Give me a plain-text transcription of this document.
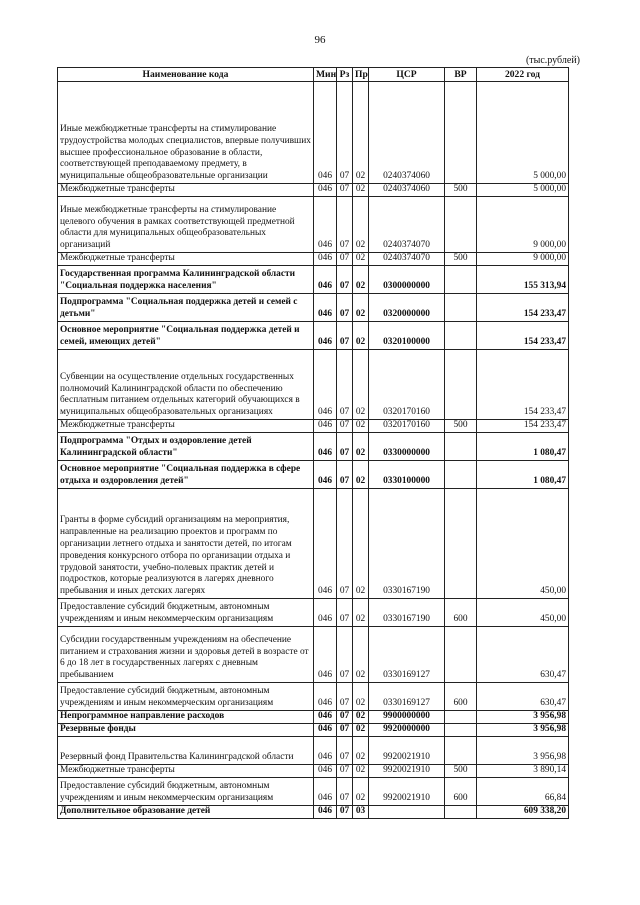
96
(тыс.рублей)
Наименование кода	Мин	Рз	Пр	ЦСР	ВР	2022 год
Иные межбюджетные трансферты на стимулирование трудоустройства молодых специалистов, впервые получивших высшее профессиональное образование в области, соответствующей преподаваемому предмету, в муниципальные общеобразовательные организации	046	07	02	0240374060		5 000,00
Межбюджетные трансферты	046	07	02	0240374060	500	5 000,00
Иные межбюджетные трансферты на стимулирование целевого обучения в рамках соответствующей предметной области для муниципальных общеобразовательных организаций	046	07	02	0240374070		9 000,00
Межбюджетные трансферты	046	07	02	0240374070	500	9 000,00
Государственная программа Калининградской области "Социальная поддержка населения"	046	07	02	0300000000		155 313,94
Подпрограмма "Социальная поддержка детей и семей с детьми"	046	07	02	0320000000		154 233,47
Основное мероприятие "Социальная поддержка детей и семей, имеющих детей"	046	07	02	0320100000		154 233,47
Субвенции на осуществление отдельных государственных полномочий Калининградской области по обеспечению бесплатным питанием отдельных категорий обучающихся в муниципальных общеобразовательных организациях	046	07	02	0320170160		154 233,47
Межбюджетные трансферты	046	07	02	0320170160	500	154 233,47
Подпрограмма "Отдых и оздоровление детей Калининградской области"	046	07	02	0330000000		1 080,47
Основное мероприятие "Социальная поддержка в сфере отдыха и оздоровления детей"	046	07	02	0330100000		1 080,47
Гранты в форме субсидий организациям на мероприятия, направленные на реализацию проектов и программ по организации летнего отдыха и занятости детей, по итогам проведения конкурсного отбора по организации отдыха и трудовой занятости, учебно-полевых практик детей и подростков, которые реализуются в лагерях дневного пребывания и иных детских лагерях	046	07	02	0330167190		450,00
Предоставление субсидий бюджетным, автономным учреждениям и иным некоммерческим организациям	046	07	02	0330167190	600	450,00
Субсидии государственным учреждениям на обеспечение питанием и страхования жизни и здоровья детей в возрасте от 6 до 18 лет в государственных лагерях с дневным пребыванием	046	07	02	0330169127		630,47
Предоставление субсидий бюджетным, автономным учреждениям и иным некоммерческим организациям	046	07	02	0330169127	600	630,47
Непрограммное направление расходов	046	07	02	9900000000		3 956,98
Резервные фонды	046	07	02	9920000000		3 956,98
Резервный фонд Правительства Калининградской области	046	07	02	9920021910		3 956,98
Межбюджетные трансферты	046	07	02	9920021910	500	3 890,14
Предоставление субсидий бюджетным, автономным учреждениям и иным некоммерческим организациям	046	07	02	9920021910	600	66,84
Дополнительное образование детей	046	07	03			609 338,20
